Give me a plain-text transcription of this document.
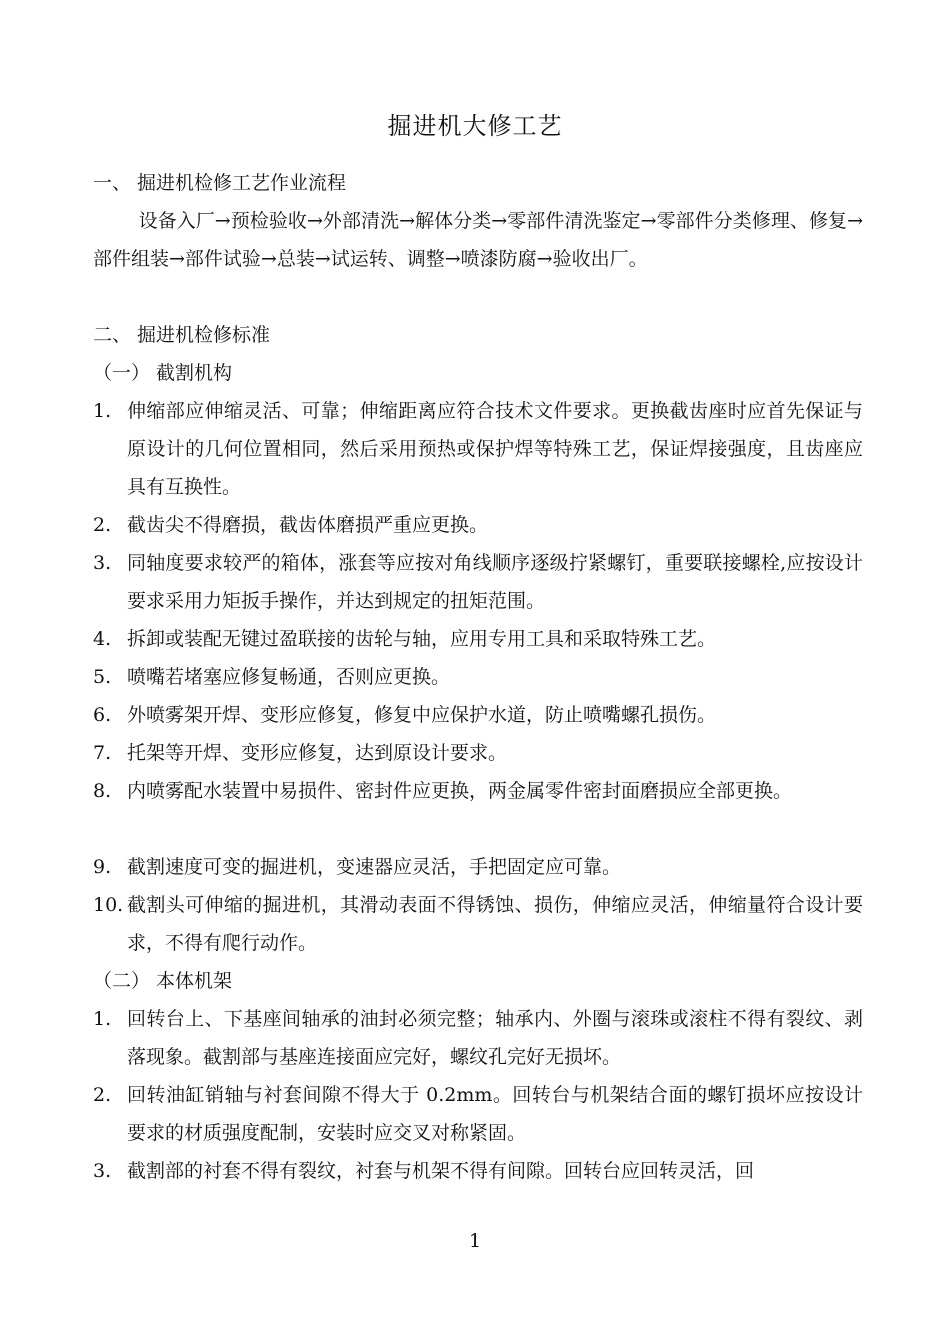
掘进机大修工艺
一、 掘进机检修工艺作业流程
设备入厂→预检验收→外部清洗→解体分类→零部件清洗鉴定→零部件分类修理、修复→部件组装→部件试验→总装→试运转、调整→喷漆防腐→验收出厂。
二、 掘进机检修标准
（一） 截割机构
1. 伸缩部应伸缩灵活、可靠；伸缩距离应符合技术文件要求。更换截齿座时应首先保证与原设计的几何位置相同，然后采用预热或保护焊等特殊工艺，保证焊接强度，且齿座应具有互换性。
2. 截齿尖不得磨损，截齿体磨损严重应更换。
3. 同轴度要求较严的箱体，涨套等应按对角线顺序逐级拧紧螺钉，重要联接螺栓,应按设计要求采用力矩扳手操作，并达到规定的扭矩范围。
4. 拆卸或装配无键过盈联接的齿轮与轴，应用专用工具和采取特殊工艺。
5. 喷嘴若堵塞应修复畅通，否则应更换。
6. 外喷雾架开焊、变形应修复，修复中应保护水道，防止喷嘴螺孔损伤。
7. 托架等开焊、变形应修复，达到原设计要求。
8. 内喷雾配水装置中易损件、密封件应更换，两金属零件密封面磨损应全部更换。
9. 截割速度可变的掘进机，变速器应灵活，手把固定应可靠。
10. 截割头可伸缩的掘进机，其滑动表面不得锈蚀、损伤，伸缩应灵活，伸缩量符合设计要求，不得有爬行动作。
（二） 本体机架
1. 回转台上、下基座间轴承的油封必须完整；轴承内、外圈与滚珠或滚柱不得有裂纹、剥落现象。截割部与基座连接面应完好，螺纹孔完好无损坏。
2. 回转油缸销轴与衬套间隙不得大于 0.2mm。回转台与机架结合面的螺钉损坏应按设计要求的材质强度配制，安装时应交叉对称紧固。
3. 截割部的衬套不得有裂纹，衬套与机架不得有间隙。回转台应回转灵活，回
1
